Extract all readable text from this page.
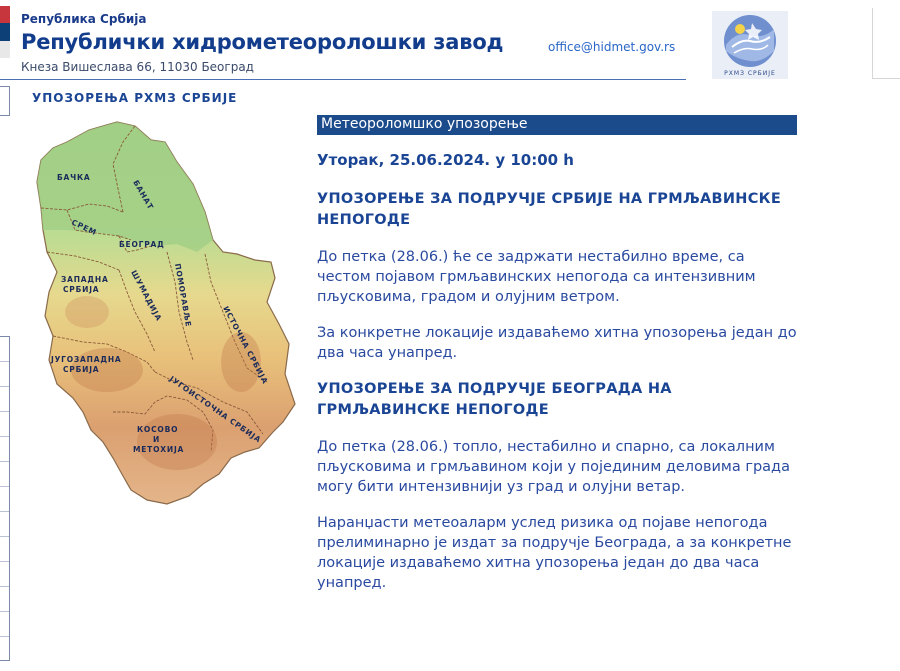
Република Србија
Републички хидрометеоролошки завод
Кнеза Вишеслава 66, 11030 Београд
office@hidmet.gov.rs
РХМЗ СРБИЈЕ
УПОЗОРЕЊА РХМЗ СРБИЈЕ
БАЧКА
БАНАТ
СРЕМ
БЕОГРАД
ЗАПАДНА
СРБИЈА	ШУМАДИЈА ПОМОРАВЉЕ
ИСТОЧНА СРБИЈА
ЈУГОЗАПАДНА
СРБИЈА
ЈУГОИСТОЧНА СРБИЈА
КОСОВО
И
МЕТОХИЈА
Метеороломшко упозорење
Уторак, 25.06.2024. у 10:00 h
УПОЗОРЕЊЕ ЗА ПОДРУЧЈЕ СРБИЈЕ НА ГРМЉАВИНСКЕ НЕПОГОДЕ
До петка (28.06.) ће се задржати нестабилно време, са честом појавом грмљавинских непогода са интензивним пљусковима, градом и олујним ветром.
За конкретне локације издаваћемо хитна упозорења један до два часа унапред.
УПОЗОРЕЊЕ ЗА ПОДРУЧЈЕ БЕОГРАДА НА ГРМЉАВИНСКЕ НЕПОГОДЕ
До петка (28.06.) топло, нестабилно и спарно, са локалним пљусковима и грмљавином који у појединим деловима града могу бити интензивнији уз град и олујни ветар.
Наранџасти метеоаларм услед ризика од појаве непогода прелиминарно је издат за подручје Београда, а за конкретне локације издаваћемо хитна упозорења један до два часа унапред.
